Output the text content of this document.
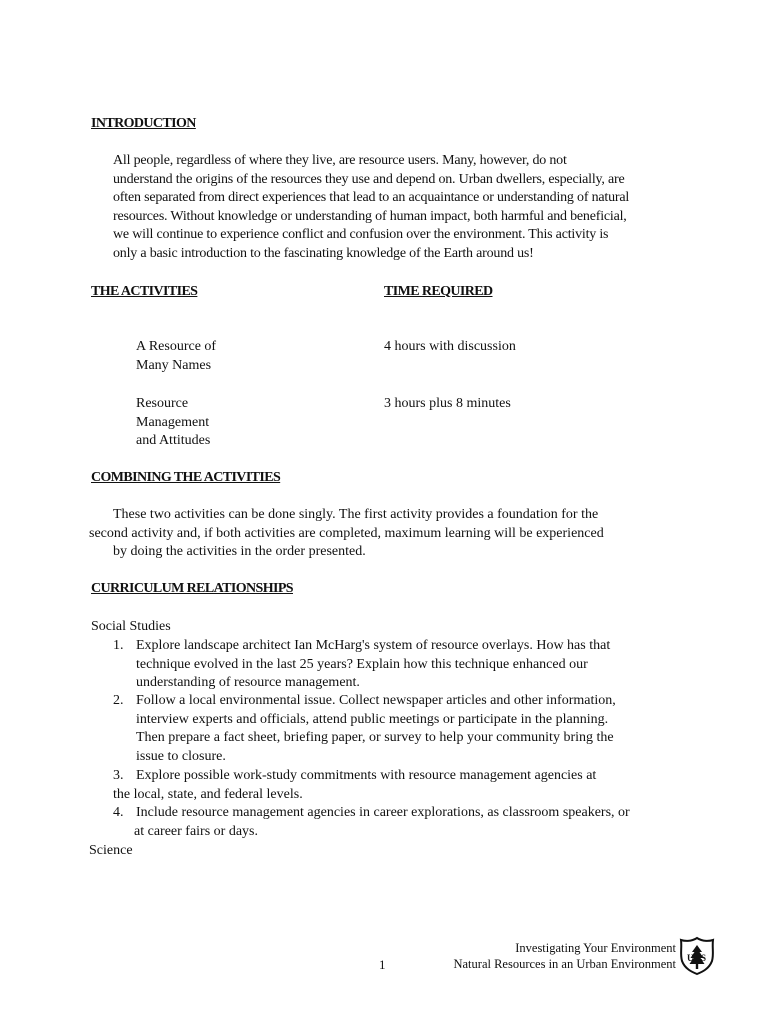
INTRODUCTION
All people, regardless of where they live, are resource users. Many, however, do not
understand the origins of the resources they use and depend on. Urban dwellers, especially, are
often separated from direct experiences that lead to an acquaintance or understanding of natural
resources. Without knowledge or understanding of human impact, both harmful and beneficial,
we will continue to experience conflict and confusion over the environment. This activity is
only a basic introduction to the fascinating knowledge of the Earth around us!
THE ACTIVITIES	TIME REQUIRED
A Resource of
Many Names
4 hours with discussion
Resource
Management
and Attitudes
3 hours plus 8 minutes
COMBINING THE ACTIVITIES
These two activities can be done singly. The first activity provides a foundation for the
second activity and, if both activities are completed, maximum learning will be experienced
by doing the activities in the order presented.
CURRICULUM RELATIONSHIPS
Social Studies
1. Explore landscape architect Ian McHarg's system of resource overlays. How has that
technique evolved in the last 25 years? Explain how this technique enhanced our
understanding of resource management.
2. Follow a local environmental issue. Collect newspaper articles and other information,
interview experts and officials, attend public meetings or participate in the planning.
Then prepare a fact sheet, briefing paper, or survey to help your community bring the
issue to closure.
3. Explore possible work-study commitments with resource management agencies at
the local, state, and federal levels.
4. Include resource management agencies in career explorations, as classroom speakers, or
at career fairs or days.
Science
1
Investigating Your Environment
Natural Resources in an Urban Environment U S
